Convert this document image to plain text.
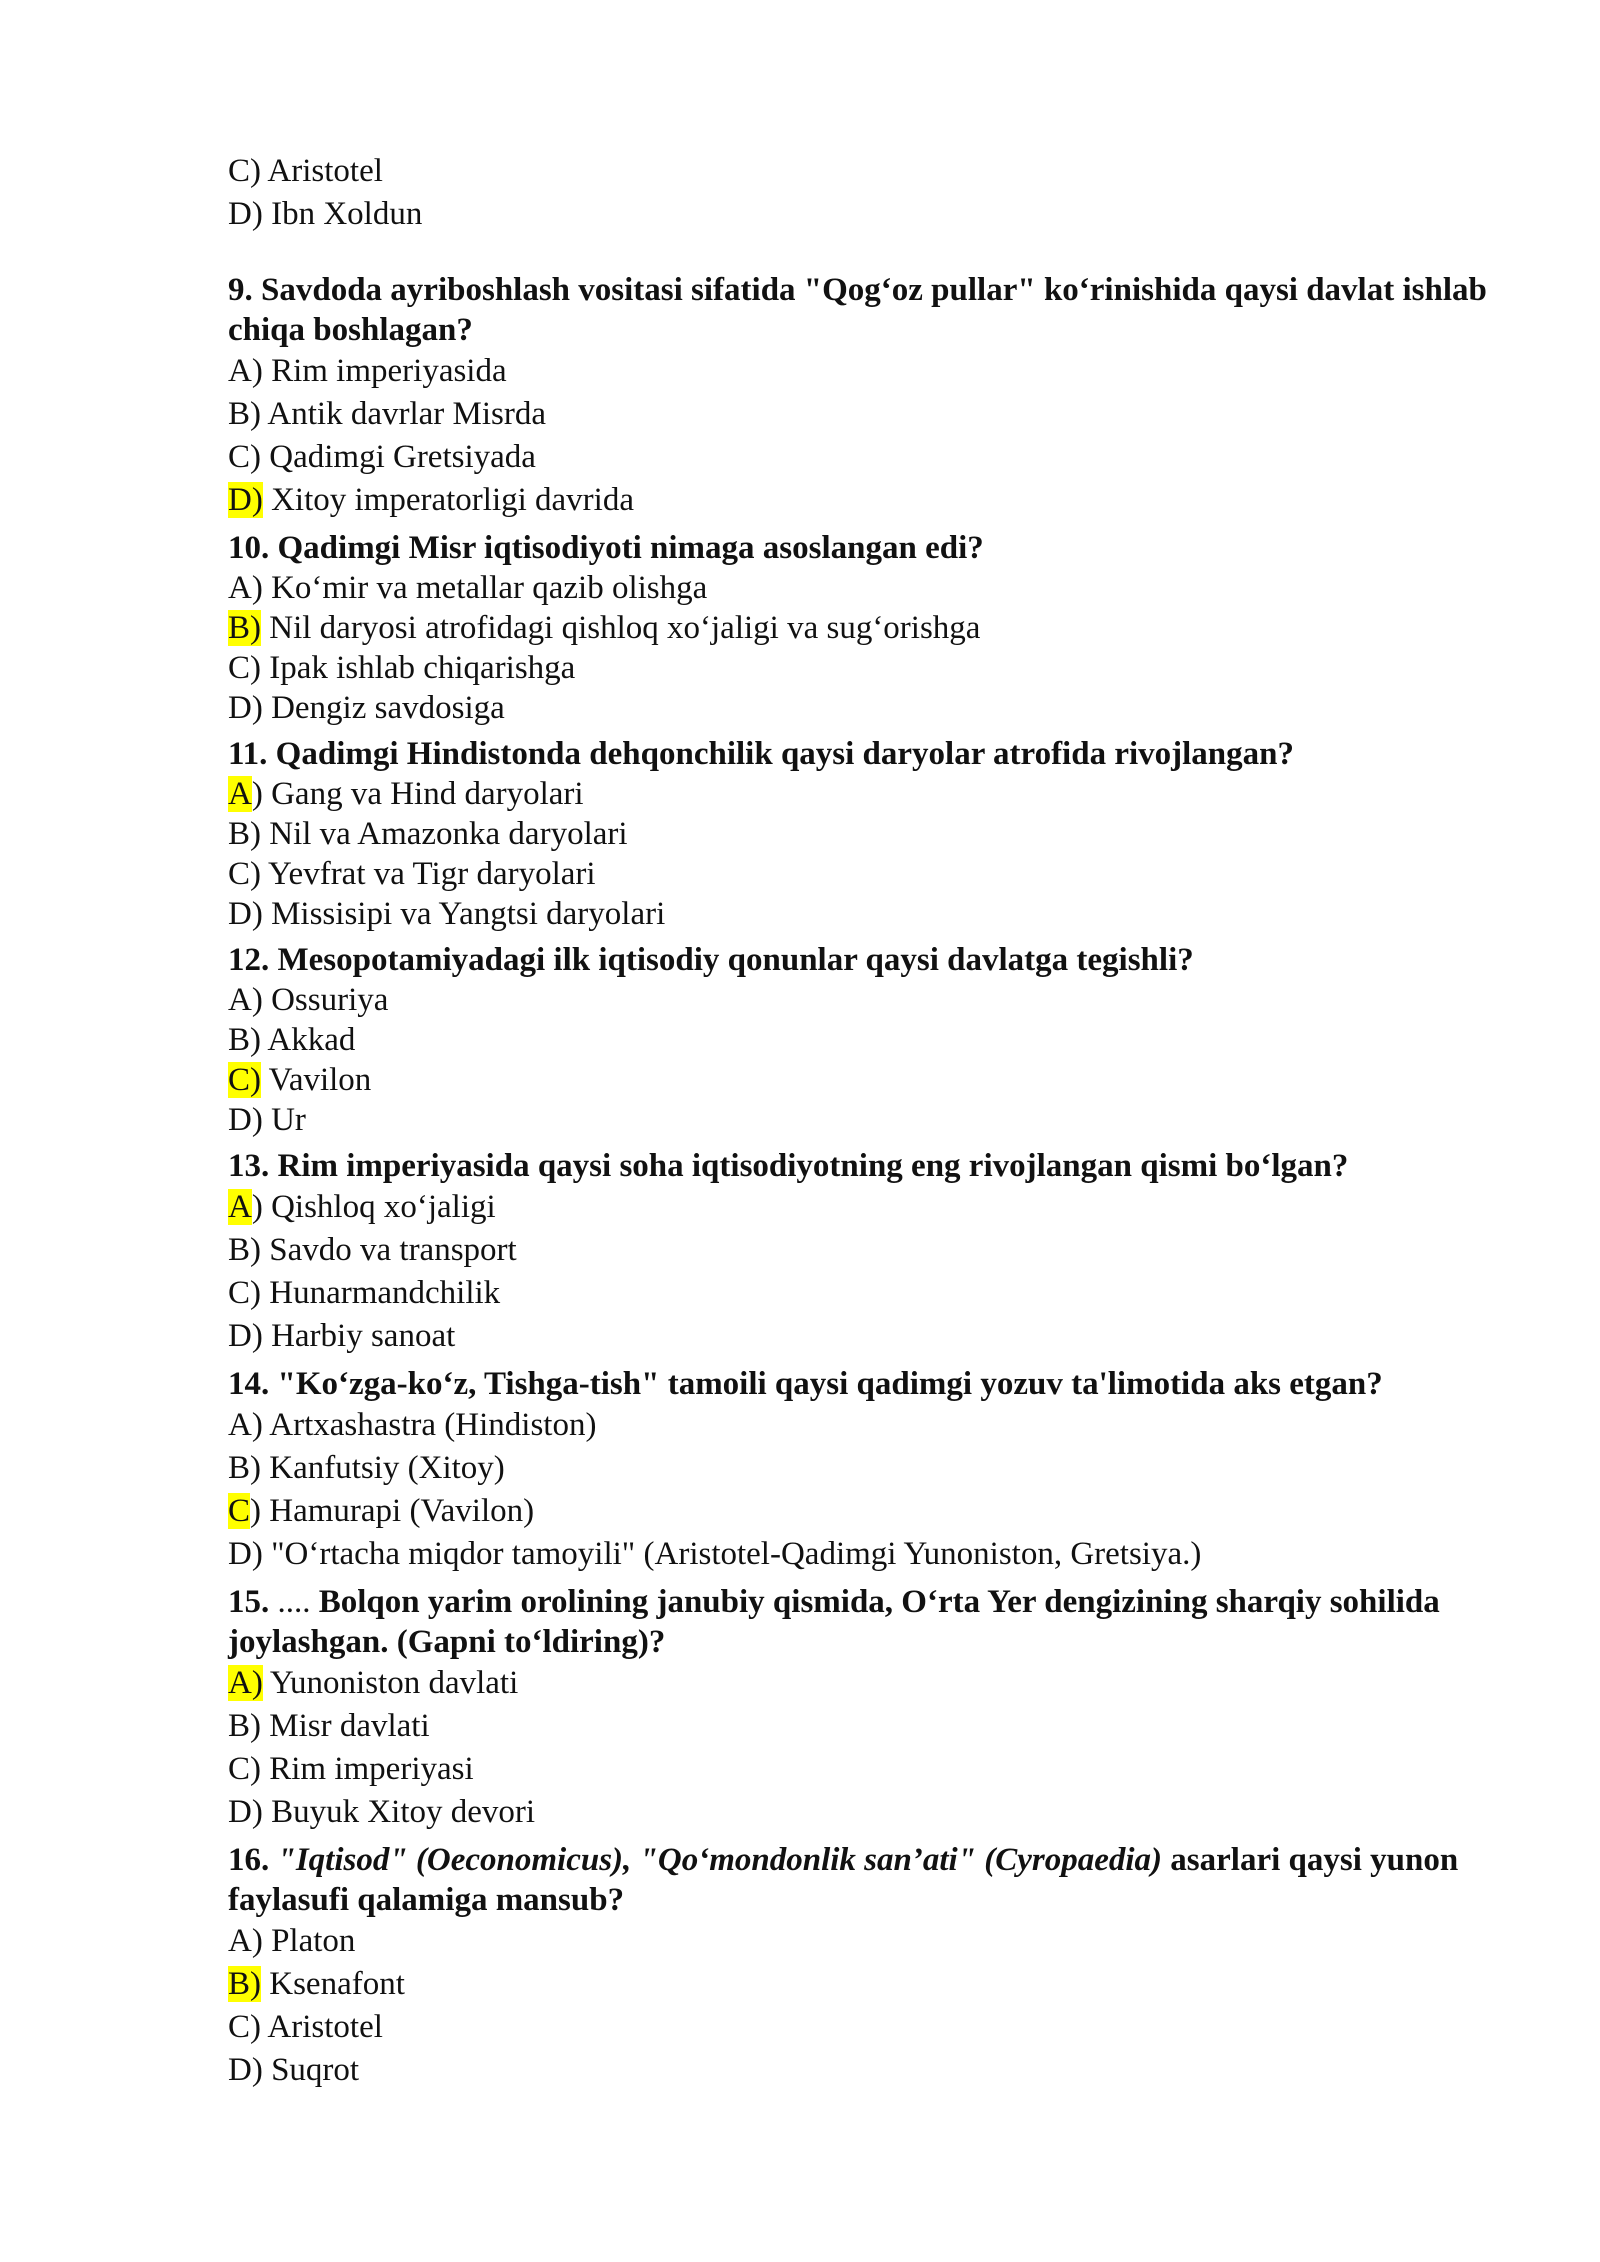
C) Aristotel
D) Ibn Xoldun
9. Savdoda ayriboshlash vositasi sifatida "Qog‘oz pullar" ko‘rinishida qaysi davlat ishlab chiqa boshlagan?
A) Rim imperiyasida
B) Antik davrlar Misrda
C) Qadimgi Gretsiyada
D) Xitoy imperatorligi davrida
10. Qadimgi Misr iqtisodiyoti nimaga asoslangan edi?
A) Ko‘mir va metallar qazib olishga
B) Nil daryosi atrofidagi qishloq xo‘jaligi va sug‘orishga
C) Ipak ishlab chiqarishga
D) Dengiz savdosiga
11. Qadimgi Hindistonda dehqonchilik qaysi daryolar atrofida rivojlangan?
A) Gang va Hind daryolari
B) Nil va Amazonka daryolari
C) Yevfrat va Tigr daryolari
D) Missisipi va Yangtsi daryolari
12. Mesopotamiyadagi ilk iqtisodiy qonunlar qaysi davlatga tegishli?
A) Ossuriya
B) Akkad
C) Vavilon
D) Ur
13. Rim imperiyasida qaysi soha iqtisodiyotning eng rivojlangan qismi bo‘lgan?
A) Qishloq xo‘jaligi
B) Savdo va transport
C) Hunarmandchilik
D) Harbiy sanoat
14. "Ko‘zga-ko‘z, Tishga-tish" tamoili qaysi qadimgi yozuv ta'limotida aks etgan?
A) Artxashastra (Hindiston)
B) Kanfutsiy (Xitoy)
C) Hamurapi (Vavilon)
D) "O‘rtacha miqdor tamoyili" (Aristotel-Qadimgi Yunoniston, Gretsiya.)
15. .... Bolqon yarim orolining janubiy qismida, O‘rta Yer dengizining sharqiy sohilida joylashgan. (Gapni to‘ldiring)?
A) Yunoniston davlati
B) Misr davlati
C) Rim imperiyasi
D) Buyuk Xitoy devori
16. "Iqtisod" (Oeconomicus), "Qo‘mondonlik san’ati" (Cyropaedia) asarlari qaysi yunon faylasufi qalamiga mansub?
A) Platon
B) Ksenafont
C) Aristotel
D) Suqrot
